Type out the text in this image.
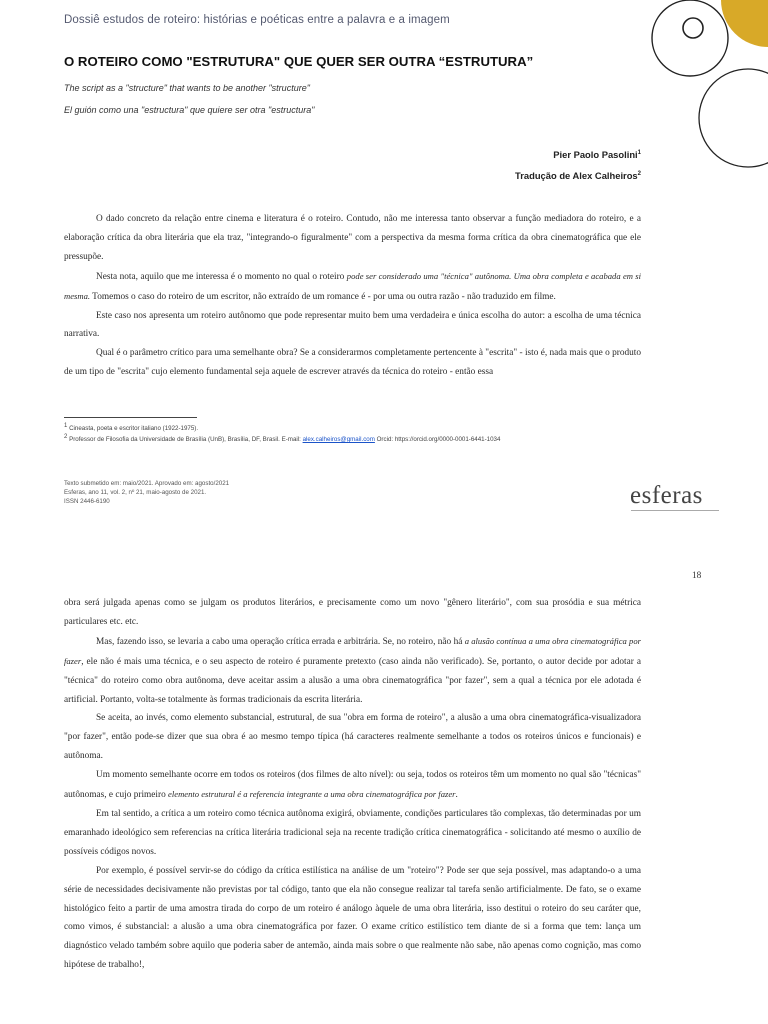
Dossiê estudos de roteiro: histórias e poéticas entre a palavra e a imagem
O ROTEIRO COMO "ESTRUTURA" QUE QUER SER OUTRA “ESTRUTURA”
The script as a "structure" that wants to be another "structure"
El guión como una "estructura" que quiere ser otra "estructura"
Pier Paolo Pasolini$^1$
Tradução de Alex Calheiros$^2$

O dado concreto da relação entre cinema e literatura é o roteiro. Contudo, não me interessa tanto observar a função mediadora do roteiro, e a elaboração crítica da obra literária que ela traz, "integrando-o figuralmente" com a perspectiva da mesma forma crítica da obra cinematográfica que ele pressupõe.

Nesta nota, aquilo que me interessa é o momento no qual o roteiro pode ser considerado uma "técnica" autônoma. Uma obra completa e acabada em si mesma. Tomemos o caso do roteiro de um escritor, não extraído de um romance é - por uma ou outra razão - não traduzido em filme.

Este caso nos apresenta um roteiro autônomo que pode representar muito bem uma verdadeira e única escolha do autor: a escolha de uma técnica narrativa.

Qual é o parâmetro crítico para uma semelhante obra? Se a considerarmos completamente pertencente à "escrita" - isto é, nada mais que o produto de um tipo de "escrita" cujo elemento fundamental seja aquele de escrever através da técnica do roteiro - então essa

$^1$ Cineasta, poeta e escritor italiano (1922-1975).
$^2$ Professor de Filosofia da Universidade de Brasília (UnB), Brasília, DF, Brasil. E-mail: alex.calheiros@gmail.com Orcid: https://orcid.org/0000-0001-6441-1034
Texto submetido em: maio/2021. Aprovado em: agosto/2021
Esferas, ano 11, vol. 2, nº 21, maio-agosto de 2021.
ISSN 2446-6190	esferas
18

obra será julgada apenas como se julgam os produtos literários, e precisamente como um novo "gênero literário", com sua prosódia e sua métrica particulares etc. etc.

Mas, fazendo isso, se levaria a cabo uma operação crítica errada e arbitrária. Se, no roteiro, não há a alusão contínua a uma obra cinematográfica por fazer, ele não é mais uma técnica, e o seu aspecto de roteiro é puramente pretexto (caso ainda não verificado). Se, portanto, o autor decide por adotar a "técnica" do roteiro como obra autônoma, deve aceitar assim a alusão a uma obra cinematográfica "por fazer", sem a qual a técnica por ele adotada é artificial. Portanto, volta-se totalmente às formas tradicionais da escrita literária.

Se aceita, ao invés, como elemento substancial, estrutural, de sua "obra em forma de roteiro", a alusão a uma obra cinematográfica-visualizadora "por fazer", então pode-se dizer que sua obra é ao mesmo tempo típica (há caracteres realmente semelhante a todos os roteiros únicos e funcionais) e autônoma.

Um momento semelhante ocorre em todos os roteiros (dos filmes de alto nível): ou seja, todos os roteiros têm um momento no qual são "técnicas" autônomas, e cujo primeiro elemento estrutural é a referencia integrante a uma obra cinematográfica por fazer.

Em tal sentido, a crítica a um roteiro como técnica autônoma exigirá, obviamente, condições particulares tão complexas, tão determinadas por um emaranhado ideológico sem referencias na crítica literária tradicional seja na recente tradição crítica cinematográfica - solicitando até mesmo o auxílio de possíveis códigos novos.

Por exemplo, é possível servir-se do código da crítica estilística na análise de um "roteiro"? Pode ser que seja possível, mas adaptando-o a uma série de necessidades decisivamente não previstas por tal código, tanto que ela não consegue realizar tal tarefa senão artificialmente. De fato, se o exame histológico feito a partir de uma amostra tirada do corpo de um roteiro é análogo àquele de uma obra literária, isso destitui o roteiro do seu caráter que, como vimos, é substancial: a alusão a uma obra cinematográfica por fazer. O exame crítico estilístico tem diante de si a forma que tem: lança um diagnóstico velado também sobre aquilo que poderia saber de antemão, ainda mais sobre o que realmente não sabe, não apenas como cognição, mas como hipótese de trabalho!,
